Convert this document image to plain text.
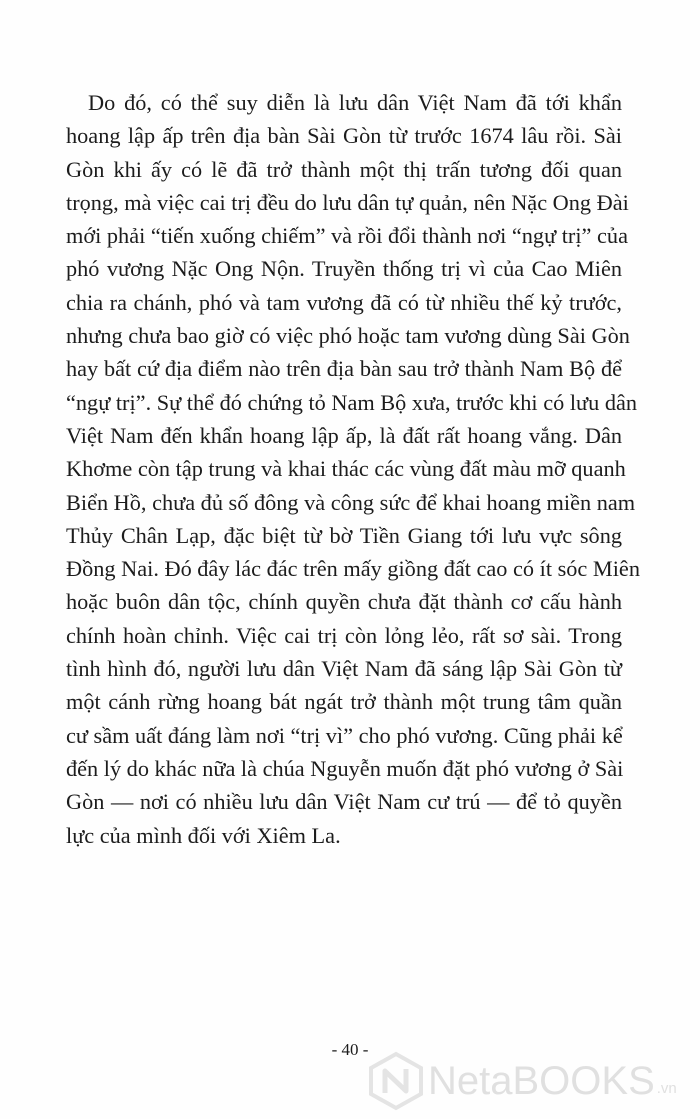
Do đó, có thể suy diễn là lưu dân Việt Nam đã tới khẩn
hoang lập ấp trên địa bàn Sài Gòn từ trước 1674 lâu rồi. Sài
Gòn khi ấy có lẽ đã trở thành một thị trấn tương đối quan
trọng, mà việc cai trị đều do lưu dân tự quản, nên Nặc Ong Đài
mới phải “tiến xuống chiếm” và rồi đổi thành nơi “ngự trị” của
phó vương Nặc Ong Nộn. Truyền thống trị vì của Cao Miên
chia ra chánh, phó và tam vương đã có từ nhiều thế kỷ trước,
nhưng chưa bao giờ có việc phó hoặc tam vương dùng Sài Gòn
hay bất cứ địa điểm nào trên địa bàn sau trở thành Nam Bộ để
“ngự trị”. Sự thể đó chứng tỏ Nam Bộ xưa, trước khi có lưu dân
Việt Nam đến khẩn hoang lập ấp, là đất rất hoang vắng. Dân
Khơme còn tập trung và khai thác các vùng đất màu mỡ quanh
Biển Hồ, chưa đủ số đông và công sức để khai hoang miền nam
Thủy Chân Lạp, đặc biệt từ bờ Tiền Giang tới lưu vực sông
Đồng Nai. Đó đây lác đác trên mấy giồng đất cao có ít sóc Miên
hoặc buôn dân tộc, chính quyền chưa đặt thành cơ cấu hành
chính hoàn chỉnh. Việc cai trị còn lỏng lẻo, rất sơ sài. Trong
tình hình đó, người lưu dân Việt Nam đã sáng lập Sài Gòn từ
một cánh rừng hoang bát ngát trở thành một trung tâm quần
cư sầm uất đáng làm nơi “trị vì” cho phó vương. Cũng phải kể
đến lý do khác nữa là chúa Nguyễn muốn đặt phó vương ở Sài
Gòn — nơi có nhiều lưu dân Việt Nam cư trú — để tỏ quyền
lực của mình đối với Xiêm La.
- 40 -
NetaBOOKS .vn
